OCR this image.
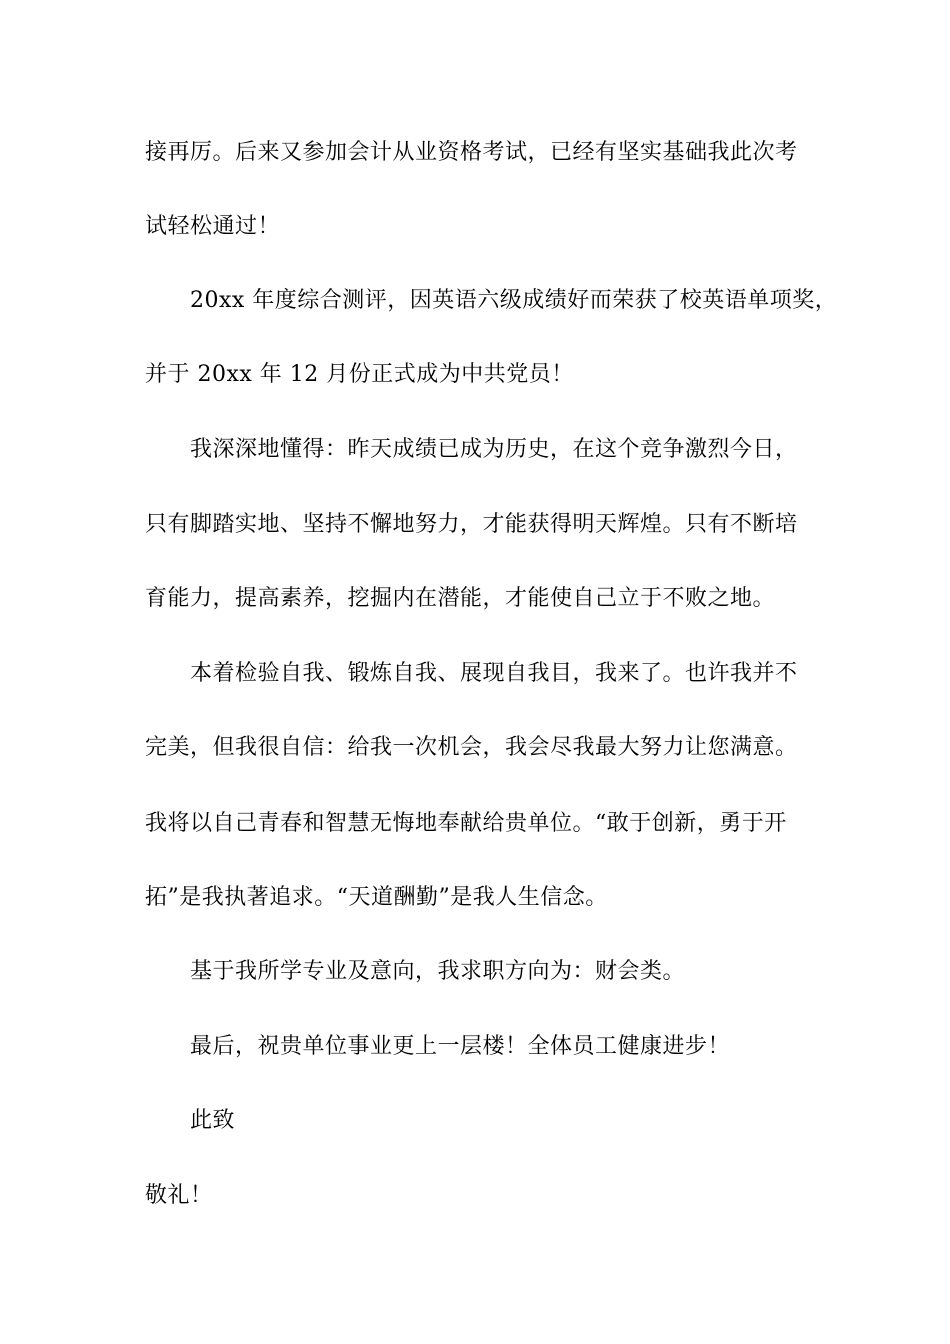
接再厉。后来又参加会计从业资格考试，已经有坚实基础我此次考
试轻松通过！
20xx 年度综合测评，因英语六级成绩好而荣获了校英语单项奖，
并于 20xx 年 12 月份正式成为中共党员！
我深深地懂得：昨天成绩已成为历史，在这个竞争激烈今日，
只有脚踏实地、坚持不懈地努力，才能获得明天辉煌。只有不断培
育能力，提高素养，挖掘内在潜能，才能使自己立于不败之地。
本着检验自我、锻炼自我、展现自我目，我来了。也许我并不
完美，但我很自信：给我一次机会，我会尽我最大努力让您满意。
我将以自己青春和智慧无悔地奉献给贵单位。“敢于创新，勇于开
拓”是我执著追求。“天道酬勤”是我人生信念。
基于我所学专业及意向，我求职方向为：财会类。
最后，祝贵单位事业更上一层楼！全体员工健康进步！
此致
敬礼！
